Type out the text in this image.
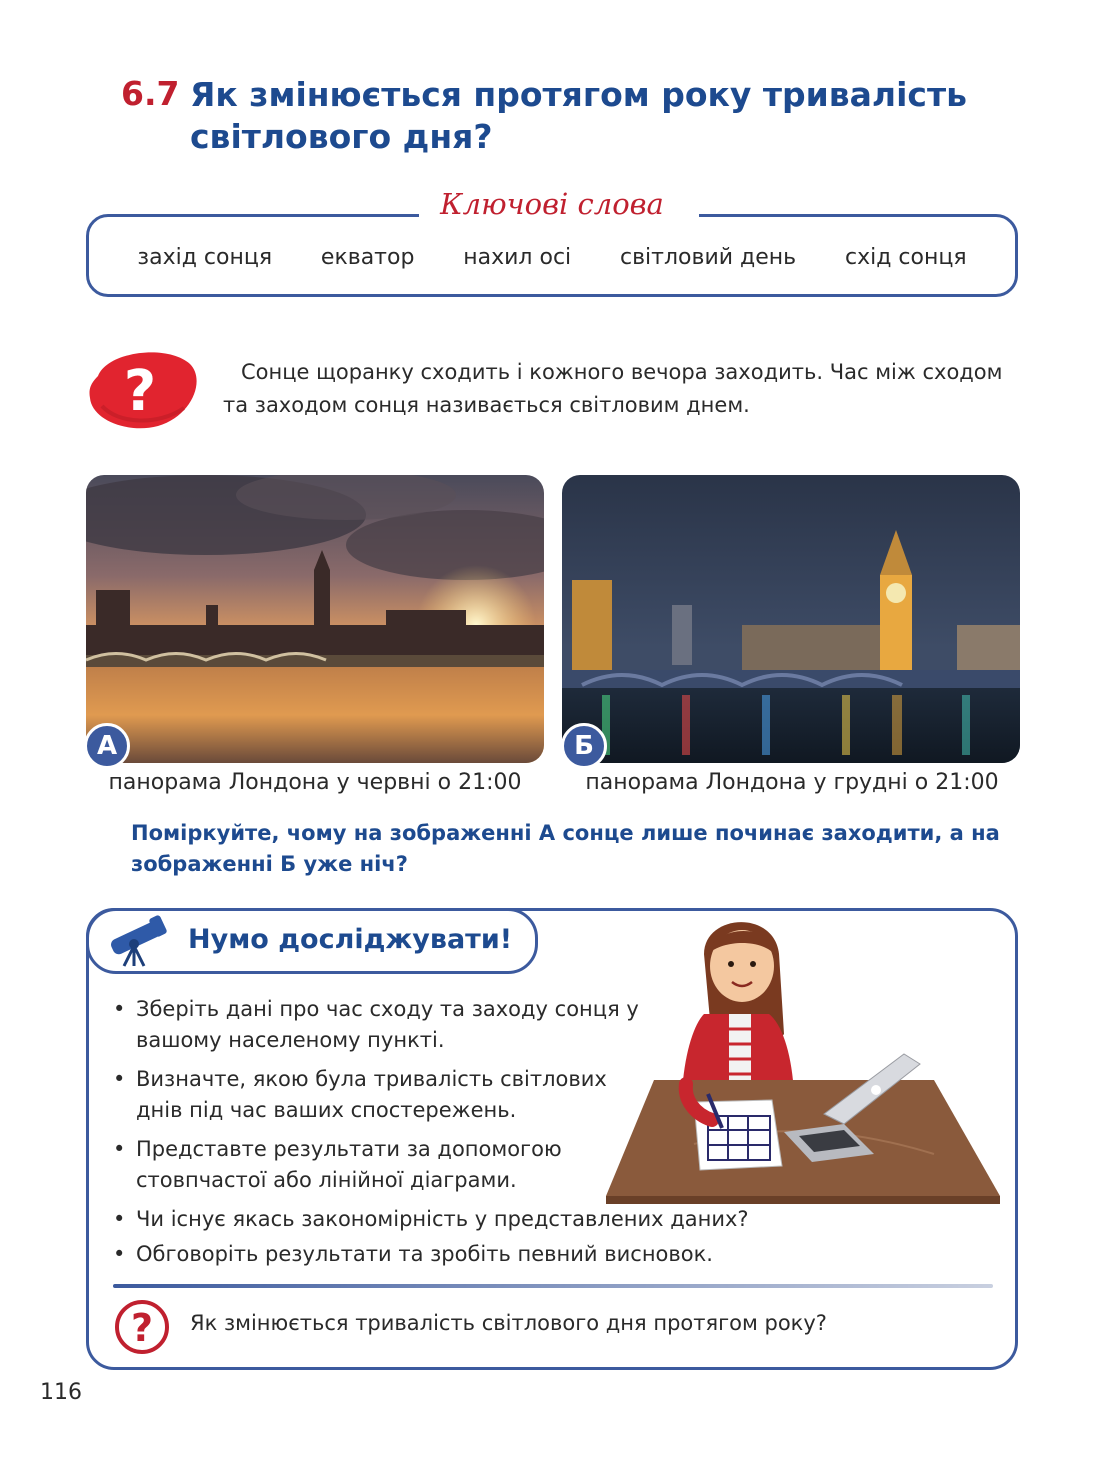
6.7 Як змінюється протягом року тривалість світлового дня?
Ключові слова
захід сонця екватор нахил осі світловий день схід сонця
?	Сонце щоранку сходить і кожного вечора заходить. Час між сходом та заходом сонця називається світловим днем.
А
панорама Лондона у червні о 21:00
Б
панорама Лондона у грудні о 21:00
Поміркуйте, чому на зображенні А сонце лише починає заходити, а на зображенні Б уже ніч?
Нумо досліджувати!
• Зберіть дані про час сходу та заходу сонця у вашому населеному пункті.
• Визначте, якою була тривалість світлових днів під час ваших спостережень.
• Представте результати за допомогою стовпчастої або лінійної діаграми.
• Чи існує якась закономірність у представлених даних?
• Обговоріть результати та зробіть певний висновок.
? Як змінюється тривалість світлового дня протягом року?
116
